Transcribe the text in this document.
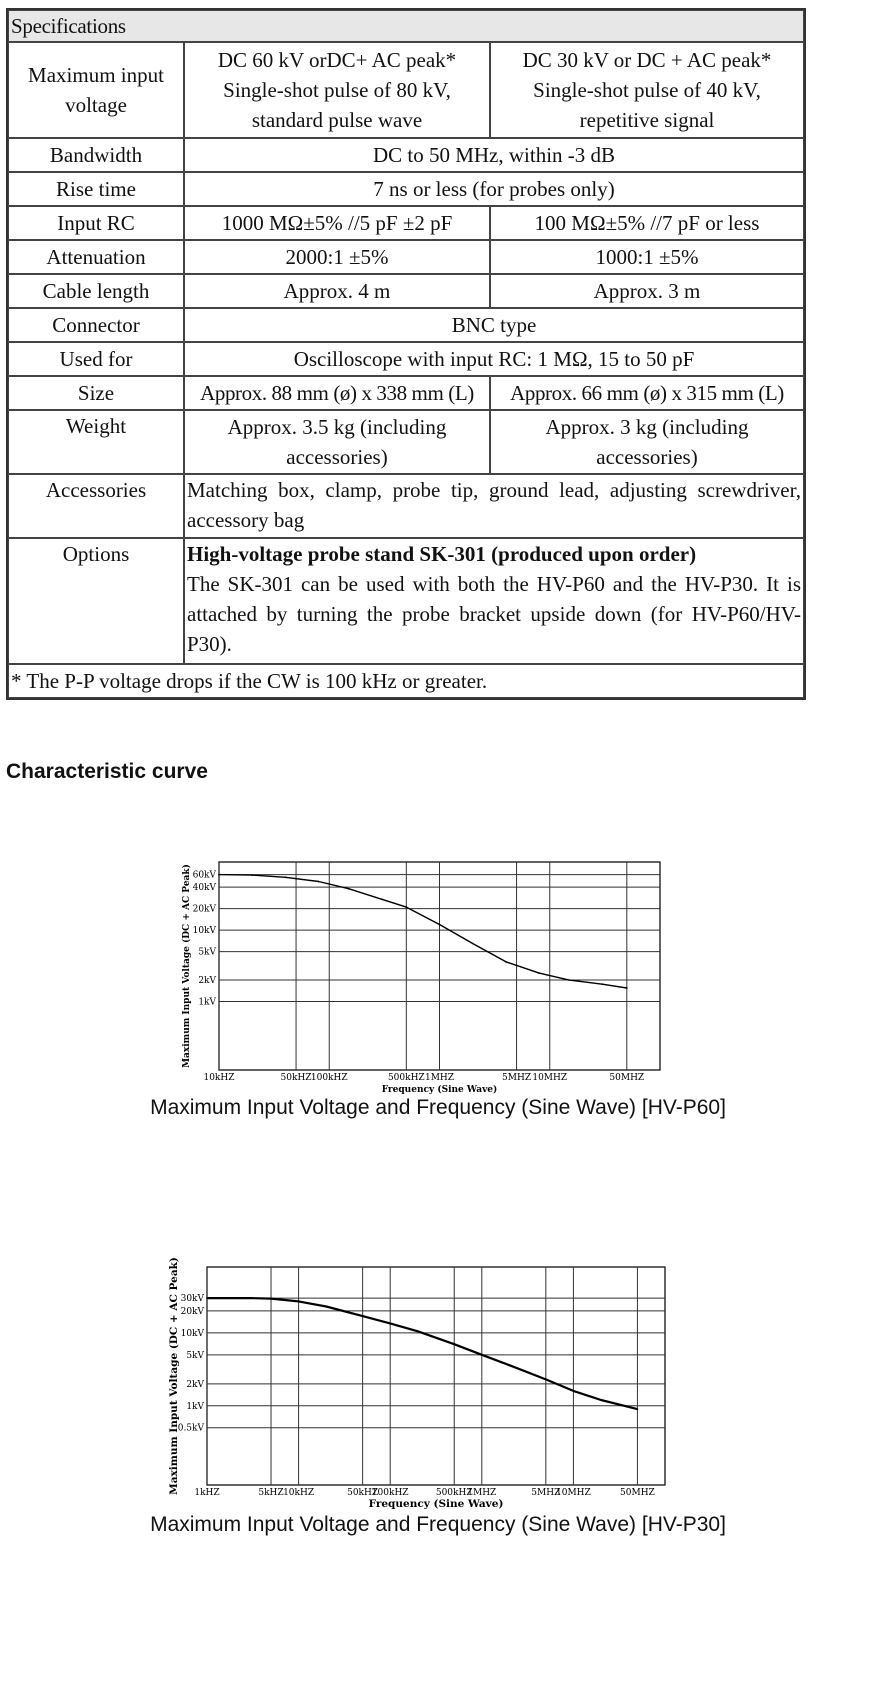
Specifications		
Maximum input voltage	DC 60 kV orDC+ AC peak* Single-shot pulse of 80 kV, standard pulse wave	DC 30 kV or DC + AC peak* Single-shot pulse of 40 kV, repetitive signal
Bandwidth	DC to 50 MHz, within -3 dB	
Rise time	7 ns or less (for probes only)	
Input RC	1000 MΩ±5% //5 pF ±2 pF	100 MΩ±5% //7 pF or less
Attenuation	2000:1 ±5%	1000:1 ±5%
Cable length	Approx. 4 m	Approx. 3 m
Connector	BNC type	
Used for	Oscilloscope with input RC: 1 MΩ, 15 to 50 pF	
Size	Approx. 88 mm (ø) x 338 mm (L)	Approx. 66 mm (ø) x 315 mm (L)
Weight	Approx. 3.5 kg (including accessories)	Approx. 3 kg (including accessories)
Accessories	Matching box, clamp, probe tip, ground lead, adjusting screwdriver, accessory bag	
Options	High-voltage probe stand SK-301 (produced upon order)
The SK-301 can be used with both the HV-P60 and the HV-P30. It is attached by turning the probe bracket upside down (for HV-P60/HV-P30).	

* The P-P voltage drops if the CW is 100 kHz or greater.		
Characteristic curve
10kHZ	50kHZ 100kHZ	500kHZ 1MHZ	5MHZ 10MHZ	50MHZ
60kV
40kV
20kV
10kV
5kV
2kV
1kV
Frequency (Sine Wave)
Maximum Input Voltage (DC + AC Peak)
Maximum Input Voltage and Frequency (Sine Wave) [HV-P60]
1kHZ	5kHZ 10kHZ	50kHZ
100kHZ	500kHZ
1MHZ	5MHZ
10MHZ	50MHZ
30kV
20kV
10kV
5kV
2kV
1kV
0.5kV
Frequency (Sine Wave)
Maximum Input Voltage (DC + AC Peak)
Maximum Input Voltage and Frequency (Sine Wave) [HV-P30]
